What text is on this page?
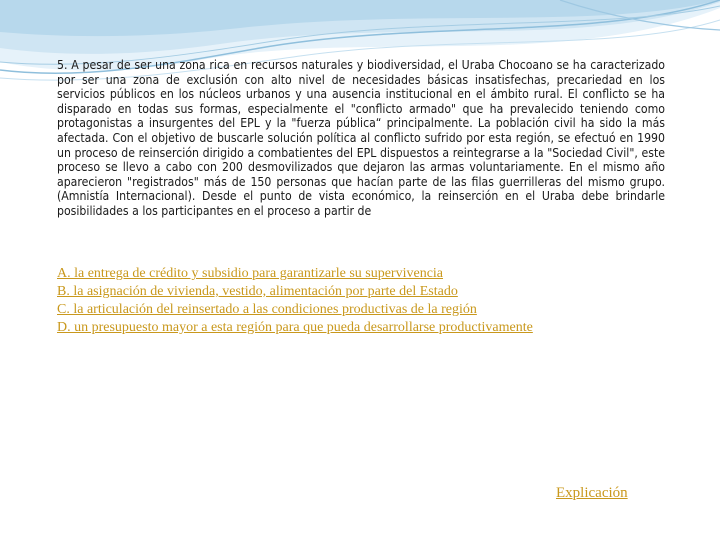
5. A pesar de ser una zona rica en recursos naturales y biodiversidad, el Uraba Chocoano se ha caracterizado por ser una zona de exclusión con alto nivel de necesidades básicas insatisfechas, precariedad en los servicios públicos en los núcleos urbanos y una ausencia institucional en el ámbito rural. El conflicto se ha disparado en todas sus formas, especialmente el "conflicto armado" que ha prevalecido teniendo como protagonistas a insurgentes del EPL y la "fuerza pública“ principalmente. La población civil ha sido la más afectada. Con el objetivo de buscarle solución política al conflicto sufrido por esta región, se efectuó en 1990 un proceso de reinserción dirigido a combatientes del EPL dispuestos a reintegrarse a la "Sociedad Civil", este proceso se llevo a cabo con 200 desmovilizados que dejaron las armas voluntariamente. En el mismo año aparecieron "registrados" más de 150 personas que hacían parte de las filas guerrilleras del mismo grupo. (Amnistía Internacional). Desde el punto de vista económico, la reinserción en el Uraba debe brindarle posibilidades a los participantes en el proceso a partir de

A. la entrega de crédito y subsidio para garantizarle su supervivencia
B. la asignación de vivienda, vestido, alimentación por parte del Estado
C. la articulación del reinsertado a las condiciones productivas de la región
D. un presupuesto mayor a esta región para que pueda desarrollarse productivamente
Explicación
